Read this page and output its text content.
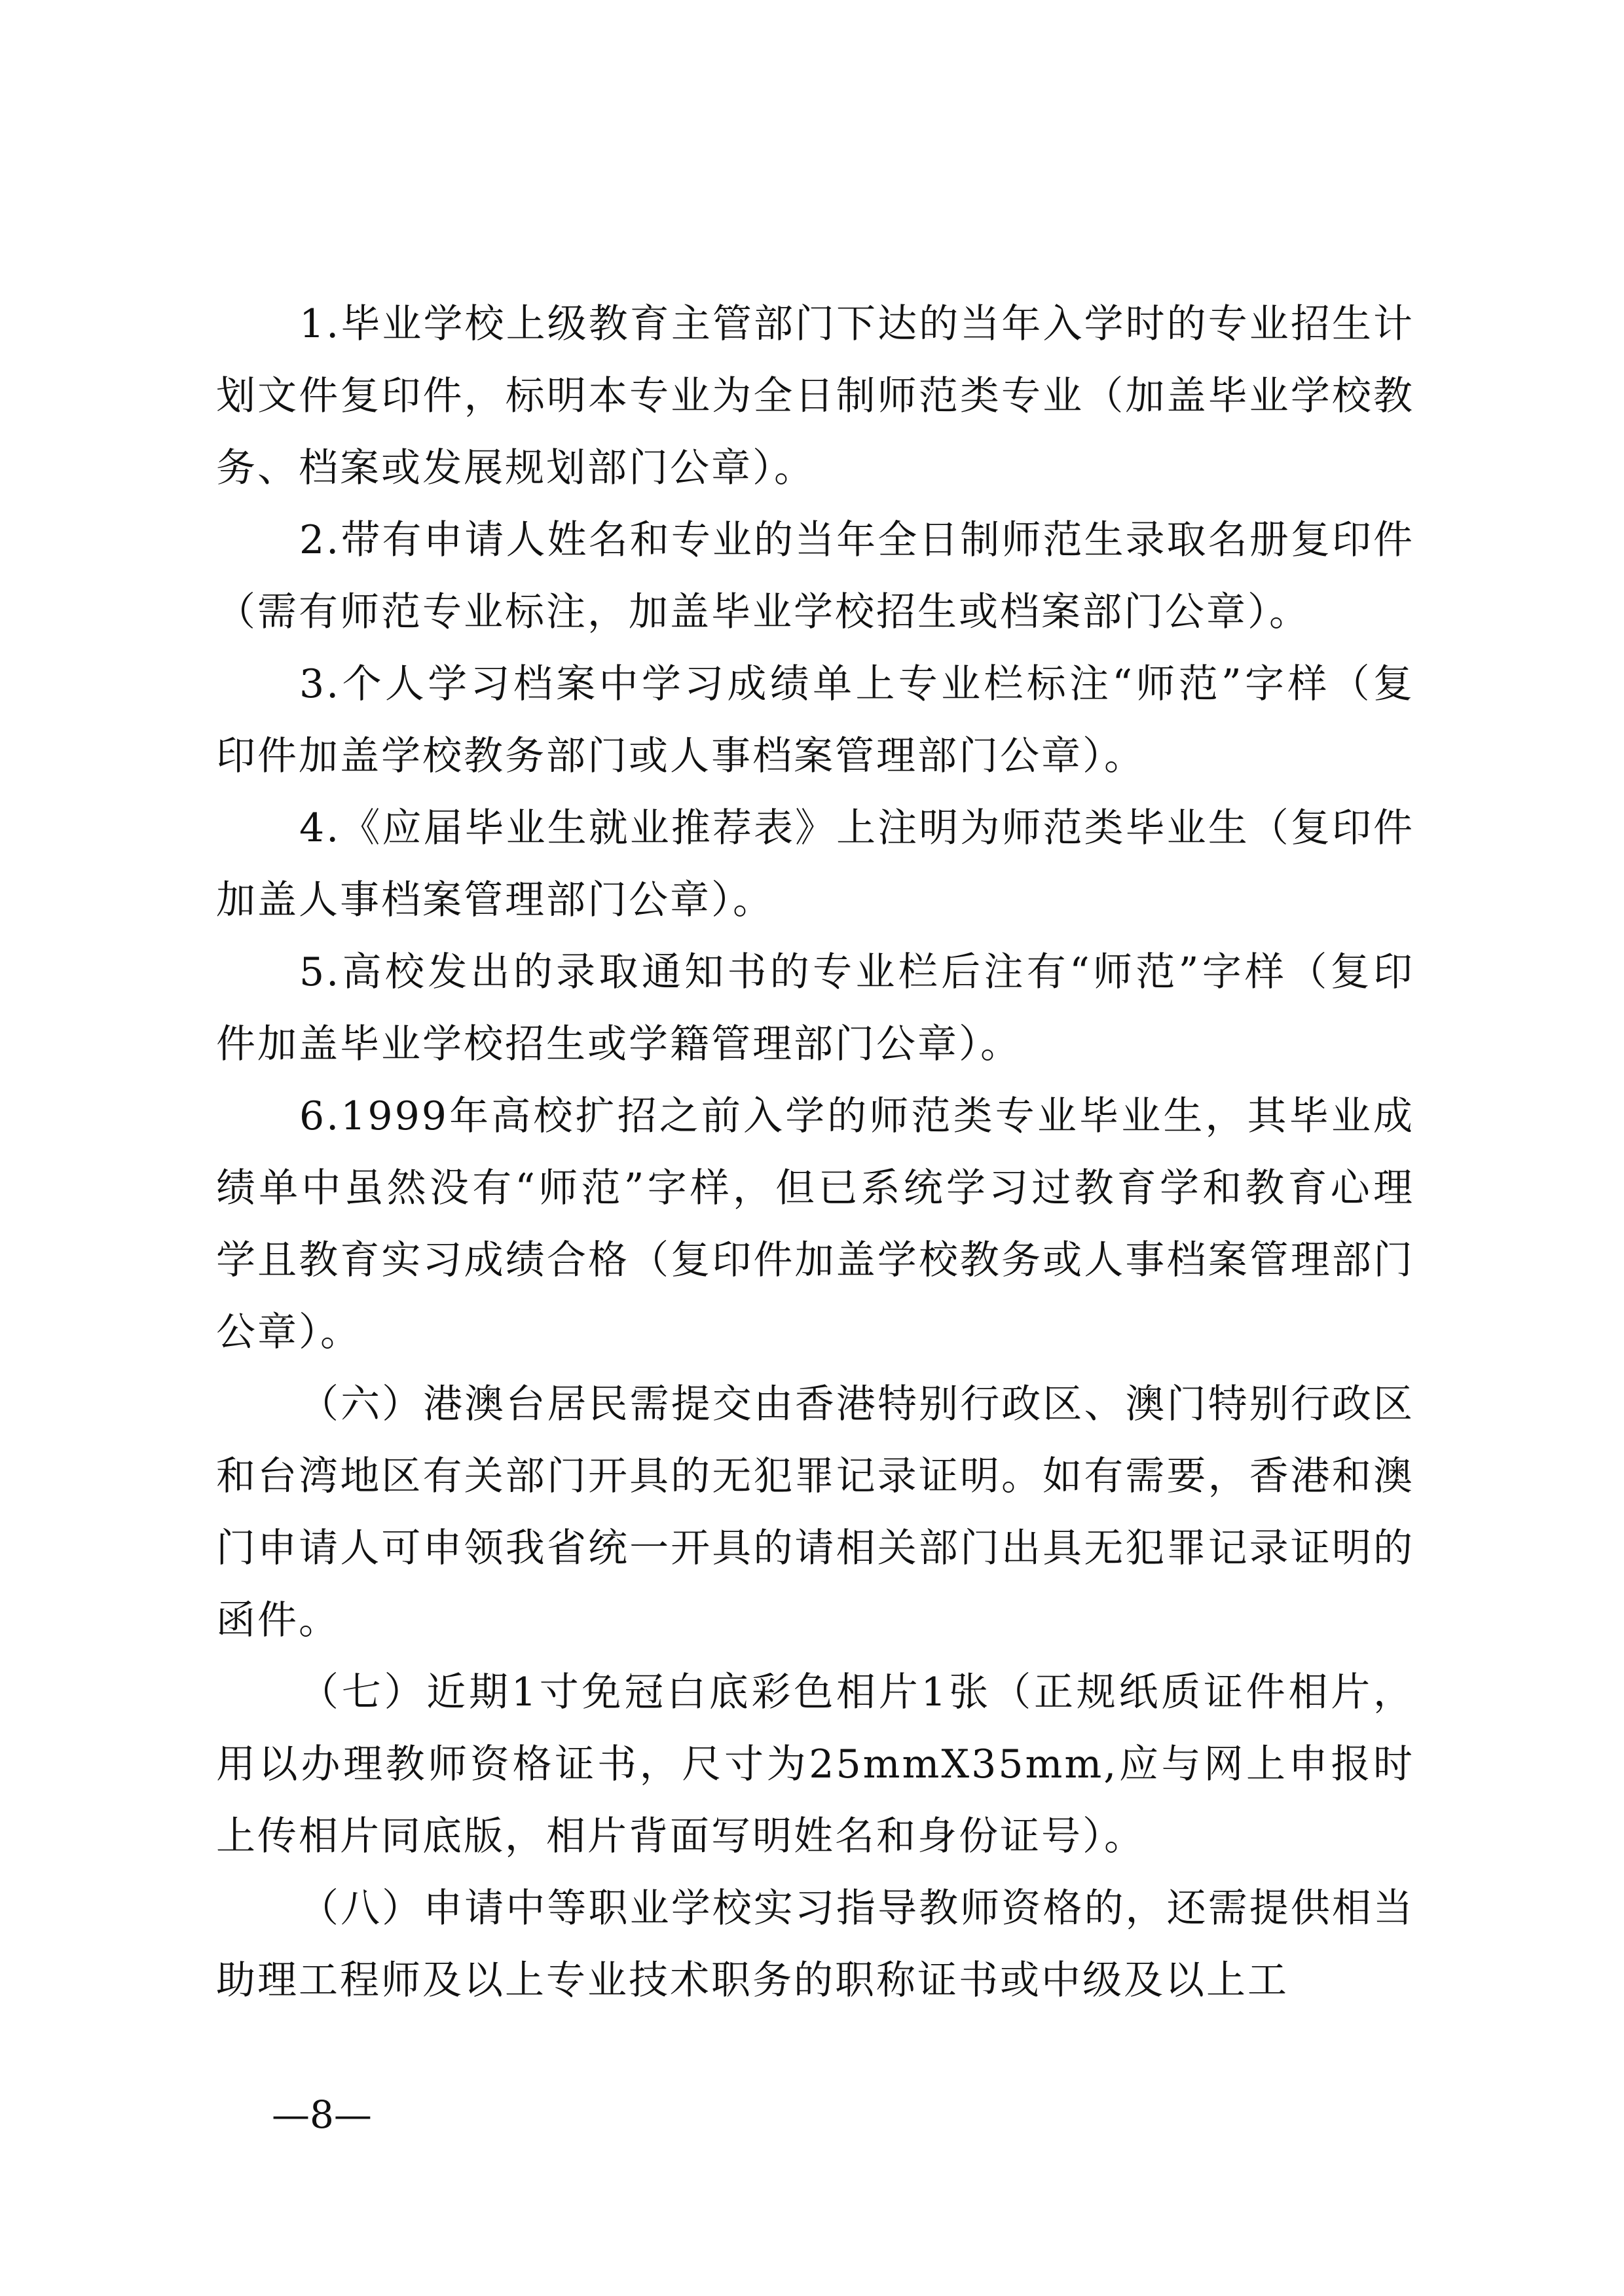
1.毕业学校上级教育主管部门下达的当年入学时的专业招生计划文件复印件，标明本专业为全日制师范类专业（加盖毕业学校教务、档案或发展规划部门公章）。

2.带有申请人姓名和专业的当年全日制师范生录取名册复印件（需有师范专业标注，加盖毕业学校招生或档案部门公章）。

3.个人学习档案中学习成绩单上专业栏标注“师范”字样（复印件加盖学校教务部门或人事档案管理部门公章）。

4.《应届毕业生就业推荐表》上注明为师范类毕业生（复印件加盖人事档案管理部门公章）。

5.高校发出的录取通知书的专业栏后注有“师范”字样（复印件加盖毕业学校招生或学籍管理部门公章）。

6.1999年高校扩招之前入学的师范类专业毕业生，其毕业成绩单中虽然没有“师范”字样，但已系统学习过教育学和教育心理学且教育实习成绩合格（复印件加盖学校教务或人事档案管理部门公章）。

（六）港澳台居民需提交由香港特别行政区、澳门特别行政区和台湾地区有关部门开具的无犯罪记录证明。如有需要，香港和澳门申请人可申领我省统一开具的请相关部门出具无犯罪记录证明的函件。

（七）近期1寸免冠白底彩色相片1张（正规纸质证件相片，用以办理教师资格证书，尺寸为25mmX35mm,应与网上申报时上传相片同底版，相片背面写明姓名和身份证号）。

（八）申请中等职业学校实习指导教师资格的，还需提供相当助理工程师及以上专业技术职务的职称证书或中级及以上工

—8—
